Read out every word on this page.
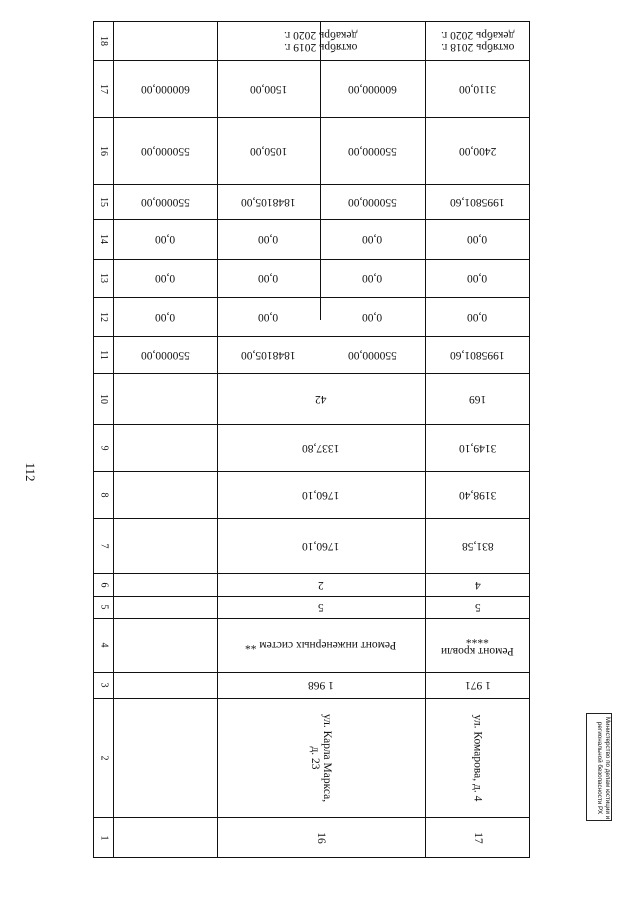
112
Министерство по делам юстиции и региональной безопасности РХ
18
17
16
15
14
13
12
11
10
9
8
7
6
5
4
3
2
1
600000,00
550000,00
550000,00
0,00
0,00
0,00
550000,00
октябрь 2019 г.
декабрь 2020 г.
1500,00
1050,00
1848105,00
0,00
0,00
0,00
1848105,00
600000,00
550000,00
550000,00
0,00
0,00
0,00
550000,00
42
1337,80
1760,10
1760,10
2
5
Ремонт инженерных систем **
1 968
ул. Карла Маркса,
д. 23
16
октябрь 2018 г.
декабрь 2020 г.
3110,00
2400,00
1995801,60
0,00
0,00
0,00
1995801,60
169
3149,10
3198,40
831,58
4
5
Ремонт кровли
****
1 971
ул. Комарова, д. 4
17
